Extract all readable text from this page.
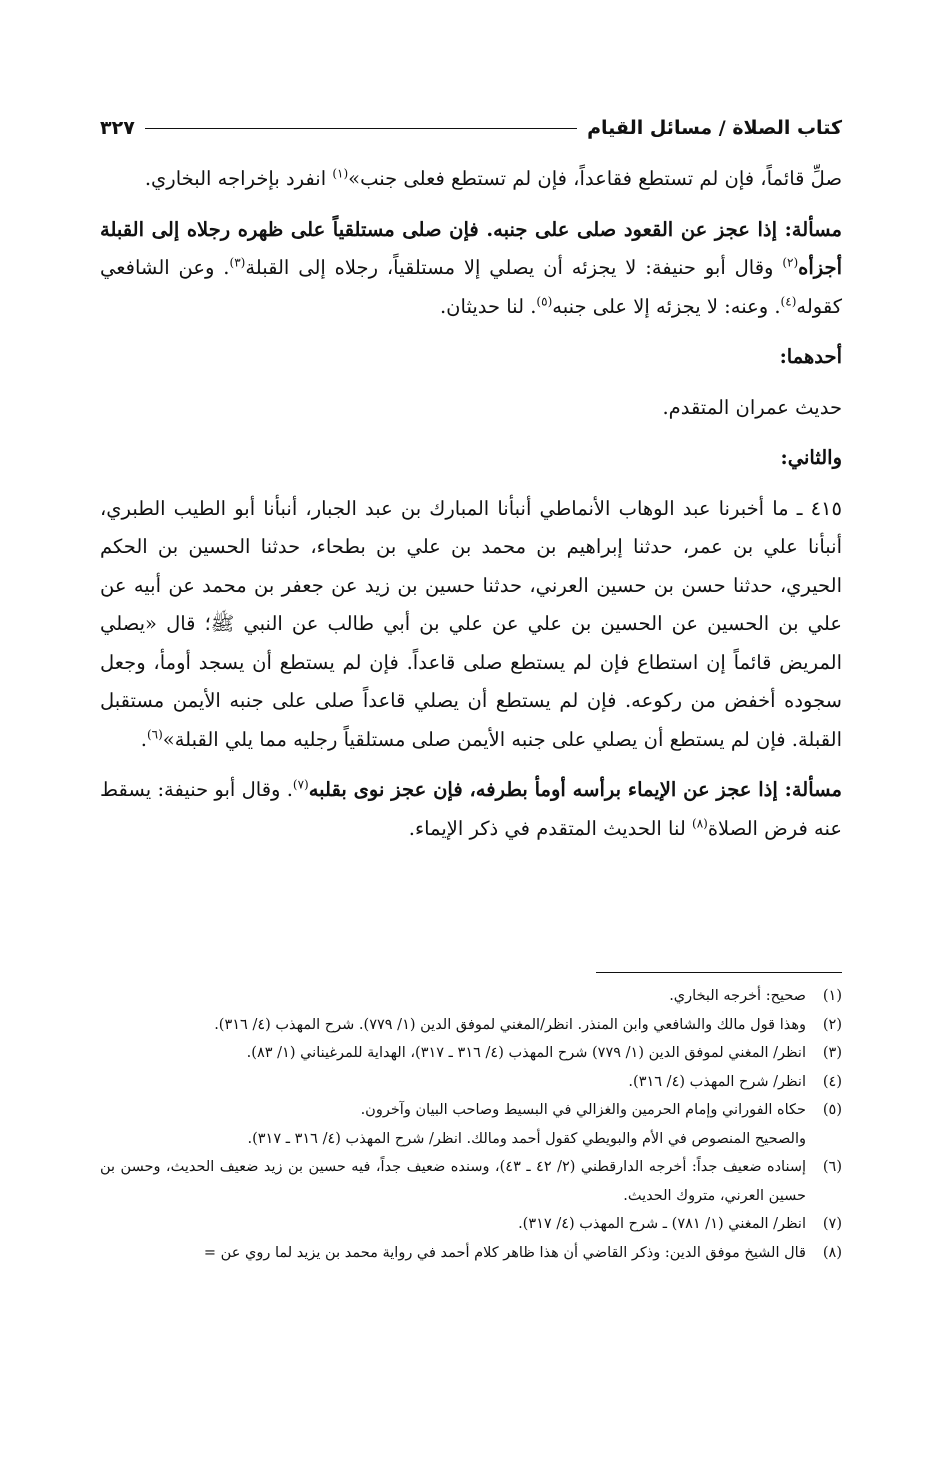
كتاب الصلاة / مسائل القيام
٣٢٧

صلِّ قائماً، فإن لم تستطع فقاعداً، فإن لم تستطع فعلى جنب»$^{(١)}$ انفرد بإخراجه البخاري.

مسألة: إذا عجز عن القعود صلى على جنبه. فإن صلى مستلقياً على ظهره رجلاه إلى القبلة أجزأه$^{(٢)}$ وقال أبو حنيفة: لا يجزئه أن يصلي إلا مستلقياً، رجلاه إلى القبلة$^{(٣)}$. وعن الشافعي كقوله$^{(٤)}$. وعنه: لا يجزئه إلا على جنبه$^{(٥)}$. لنا حديثان.

أحدهما:

حديث عمران المتقدم.

والثاني:

٤١٥ ـ ما أخبرنا عبد الوهاب الأنماطي أنبأنا المبارك بن عبد الجبار، أنبأنا أبو الطيب الطبري، أنبأنا علي بن عمر، حدثنا إبراهيم بن محمد بن علي بن بطحاء، حدثنا الحسين بن الحكم الحيري، حدثنا حسن بن حسين العرني، حدثنا حسين بن زيد عن جعفر بن محمد عن أبيه عن علي بن الحسين عن الحسين بن علي عن علي بن أبي طالب عن النبي ﷺ؛ قال «يصلي المريض قائماً إن استطاع فإن لم يستطع صلى قاعداً. فإن لم يستطع أن يسجد أومأ، وجعل سجوده أخفض من ركوعه. فإن لم يستطع أن يصلي قاعداً صلى على جنبه الأيمن مستقبل القبلة. فإن لم يستطع أن يصلي على جنبه الأيمن صلى مستلقياً رجليه مما يلي القبلة»$^{(٦)}$.

مسألة: إذا عجز عن الإيماء برأسه أومأ بطرفه، فإن عجز نوى بقلبه$^{(٧)}$. وقال أبو حنيفة: يسقط عنه فرض الصلاة$^{(٨)}$ لنا الحديث المتقدم في ذكر الإيماء.

(١)
صحيح: أخرجه البخاري.
(٢)
وهذا قول مالك والشافعي وابن المنذر. انظر/المغني لموفق الدين (١/ ٧٧٩). شرح المهذب (٤/ ٣١٦).
(٣)
انظر/ المغني لموفق الدين (١/ ٧٧٩) شرح المهذب (٤/ ٣١٦ ـ ٣١٧)، الهداية للمرغيناني (١/ ٨٣).
(٤)
انظر/ شرح المهذب (٤/ ٣١٦).
(٥)
حكاه الفوراني وإمام الحرمين والغزالي في البسيط وصاحب البيان وآخرون.
والصحيح المنصوص في الأم والبويطي كقول أحمد ومالك. انظر/ شرح المهذب (٤/ ٣١٦ ـ ٣١٧).
(٦)
إسناده ضعيف جداً: أخرجه الدارقطني (٢/ ٤٢ ـ ٤٣)، وسنده ضعيف جداً، فيه حسين بن زيد ضعيف الحديث، وحسن بن حسين العرني، متروك الحديث.
(٧)
انظر/ المغني (١/ ٧٨١) ـ شرح المهذب (٤/ ٣١٧).
(٨)
قال الشيخ موفق الدين: وذكر القاضي أن هذا ظاهر كلام أحمد في رواية محمد بن يزيد لما روي عن =
